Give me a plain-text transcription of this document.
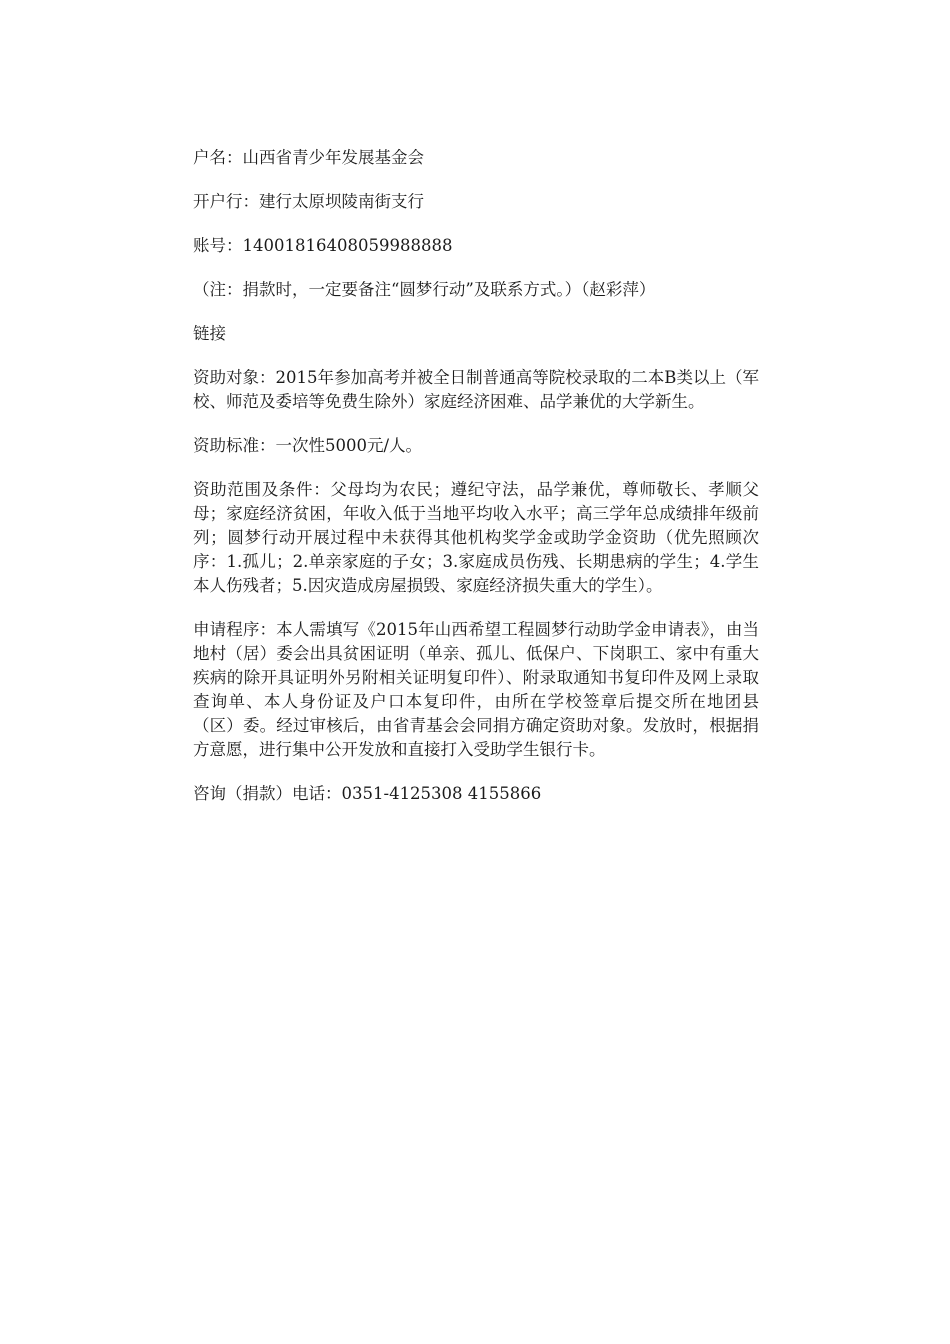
户名：山西省青少年发展基金会

开户行：建行太原坝陵南街支行

账号：14001816408059988888

（注：捐款时，一定要备注“圆梦行动”及联系方式。）（赵彩萍）

链接

资助对象：2015年参加高考并被全日制普通高等院校录取的二本B类以上（军校、师范及委培等免费生除外）家庭经济困难、品学兼优的大学新生。

资助标准：一次性5000元/人。

资助范围及条件：父母均为农民；遵纪守法，品学兼优，尊师敬长、孝顺父母；家庭经济贫困，年收入低于当地平均收入水平；高三学年总成绩排年级前列；圆梦行动开展过程中未获得其他机构奖学金或助学金资助（优先照顾次序：1.孤儿；2.单亲家庭的子女；3.家庭成员伤残、长期患病的学生；4.学生本人伤残者；5.因灾造成房屋损毁、家庭经济损失重大的学生）。

申请程序：本人需填写《2015年山西希望工程圆梦行动助学金申请表》，由当地村（居）委会出具贫困证明（单亲、孤儿、低保户、下岗职工、家中有重大疾病的除开具证明外另附相关证明复印件）、附录取通知书复印件及网上录取查询单、本人身份证及户口本复印件，由所在学校签章后提交所在地团县（区）委。经过审核后，由省青基会会同捐方确定资助对象。发放时，根据捐方意愿，进行集中公开发放和直接打入受助学生银行卡。

咨询（捐款）电话：0351-4125308 4155866
